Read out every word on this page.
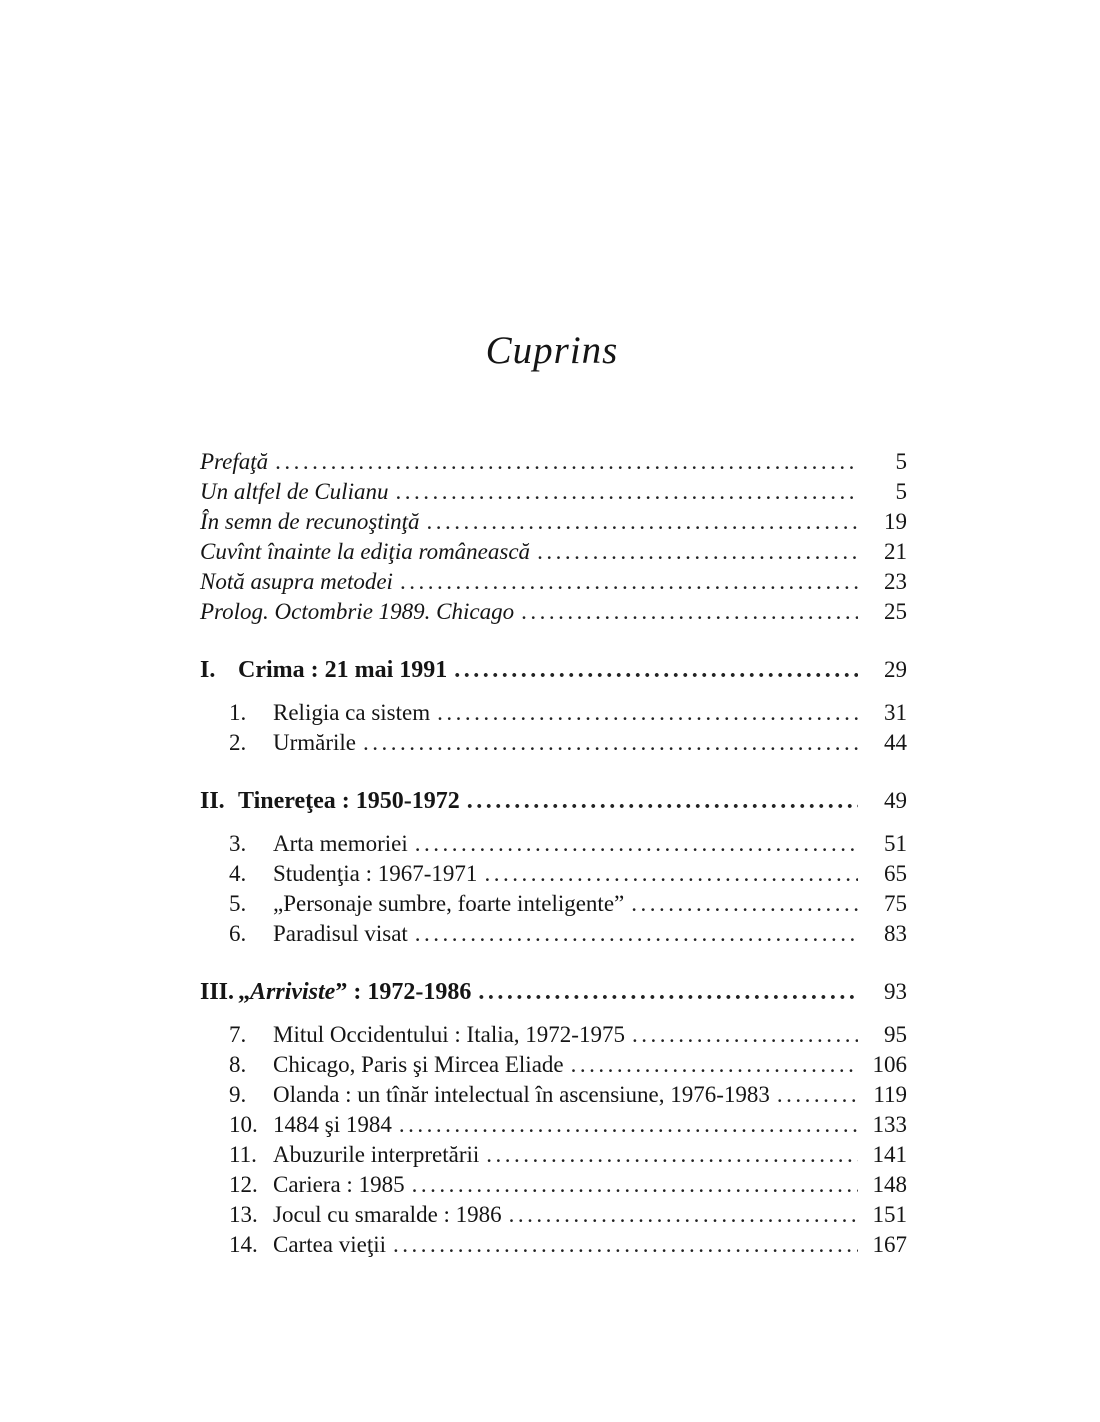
Cuprins
Prefaţă .....	5
Un altfel de Culianu .....	5
În semn de recunoştinţă .....	19
Cuvînt înainte la ediţia românească .....	21
Notă asupra metodei .....	23
Prolog. Octombrie 1989. Chicago .....	25
I. Crima : 21 mai 1991 .....	29
1.	Religia ca sistem .....	31
2.	Urmările .....	44
II. Tinereţea : 1950-1972 .....	49
3.	Arta memoriei .....	51
4.	Studenţia : 1967-1971 .....	65
5.	„Personaje sumbre, foarte inteligente” .....	75
6.	Paradisul visat .....	83
III. „Arriviste” : 1972-1986 .....	93
7.	Mitul Occidentului : Italia, 1972-1975 .....	95
8.	Chicago, Paris şi Mircea Eliade .....	106
9.	Olanda : un tînăr intelectual în ascensiune, 1976-1983 .....	119
10. 1484 şi 1984 .....	133
11. Abuzurile interpretării .....	141
12. Cariera : 1985 .....	148
13. Jocul cu smaralde : 1986 .....	151
14. Cartea vieţii .....	167
